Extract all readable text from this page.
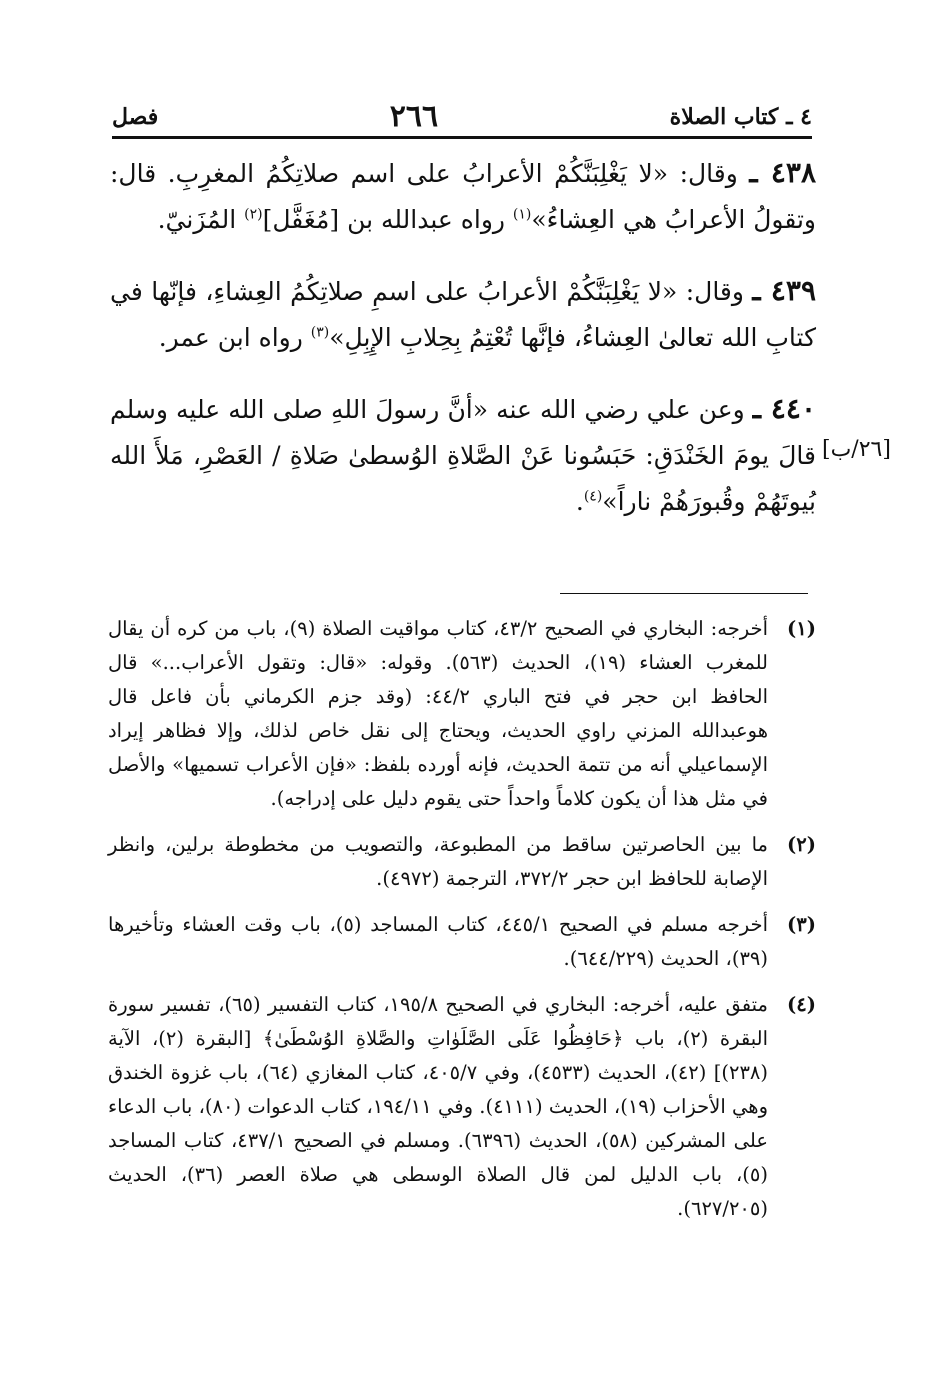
٤ ـ كتاب الصلاة
٢٦٦
فصل

٤٣٨ ـ وقال: «لا يَغْلِبَنَّكُمْ الأعرابُ على اسم صلاتِكُمُ المغرِبِ. قال: وتقولُ الأعرابُ هي العِشاءُ»$^{(١)}$ رواه عبدالله بن [مُغَفَّل]$^{(٢)}$ المُزَنيّ.

٤٣٩ ـ وقال: «لا يَغْلِبَنَّكُمْ الأعرابُ على اسمِ صلاتِكُمُ العِشاءِ، فإنّها في كتابِ الله تعالىٰ العِشاءُ، فإنَّها تُعْتِمُ بِحِلابِ الإِبِلِ»$^{(٣)}$ رواه ابن عمر.

٤٤٠ ـ وعن علي رضي الله عنه «أنَّ رسولَ اللهِ صلى الله عليه وسلم قالَ يومَ الخَنْدَقِ: حَبَسُونا عَنْ الصَّلاةِ الوُسطىٰ صَلاةِ / العَصْرِ، مَلأَ الله بُيوتَهُمْ وقُبورَهُمْ ناراً»$^{(٤)}$.

[٢٦/ب]
(١)
أخرجه: البخاري في الصحيح ٤٣/٢، كتاب مواقيت الصلاة (٩)، باب من كره أن يقال للمغرب العشاء (١٩)، الحديث (٥٦٣). وقوله: «قال: وتقول الأعراب...» قال الحافظ ابن حجر في فتح الباري ٤٤/٢: (وقد جزم الكرماني بأن فاعل قال هوعبدالله المزني راوي الحديث، ويحتاج إلى نقل خاص لذلك، وإلا فظاهر إيراد الإسماعيلي أنه من تتمة الحديث، فإنه أورده بلفظ: «فإن الأعراب تسميها» والأصل في مثل هذا أن يكون كلاماً واحداً حتى يقوم دليل على إدراجه).
(٢)
ما بين الحاصرتين ساقط من المطبوعة، والتصويب من مخطوطة برلين، وانظر الإصابة للحافظ ابن حجر ٣٧٢/٢، الترجمة (٤٩٧٢).
(٣)
أخرجه مسلم في الصحيح ٤٤٥/١، كتاب المساجد (٥)، باب وقت العشاء وتأخيرها (٣٩)، الحديث (٦٤٤/٢٢٩).
(٤)
متفق عليه، أخرجه: البخاري في الصحيح ١٩٥/٨، كتاب التفسير (٦٥)، تفسير سورة البقرة (٢)، باب ﴿حَافِظُوا عَلَى الصَّلَوٰاتِ والصَّلاةِ الوُسْطَىٰ﴾ [البقرة (٢)، الآية (٢٣٨)] (٤٢)، الحديث (٤٥٣٣)، وفي ٤٠٥/٧، كتاب المغازي (٦٤)، باب غزوة الخندق وهي الأحزاب (١٩)، الحديث (٤١١١). وفي ١٩٤/١١، كتاب الدعوات (٨٠)، باب الدعاء على المشركين (٥٨)، الحديث (٦٣٩٦). ومسلم في الصحيح ٤٣٧/١، كتاب المساجد (٥)، باب الدليل لمن قال الصلاة الوسطى هي صلاة العصر (٣٦)، الحديث (٦٢٧/٢٠٥).
